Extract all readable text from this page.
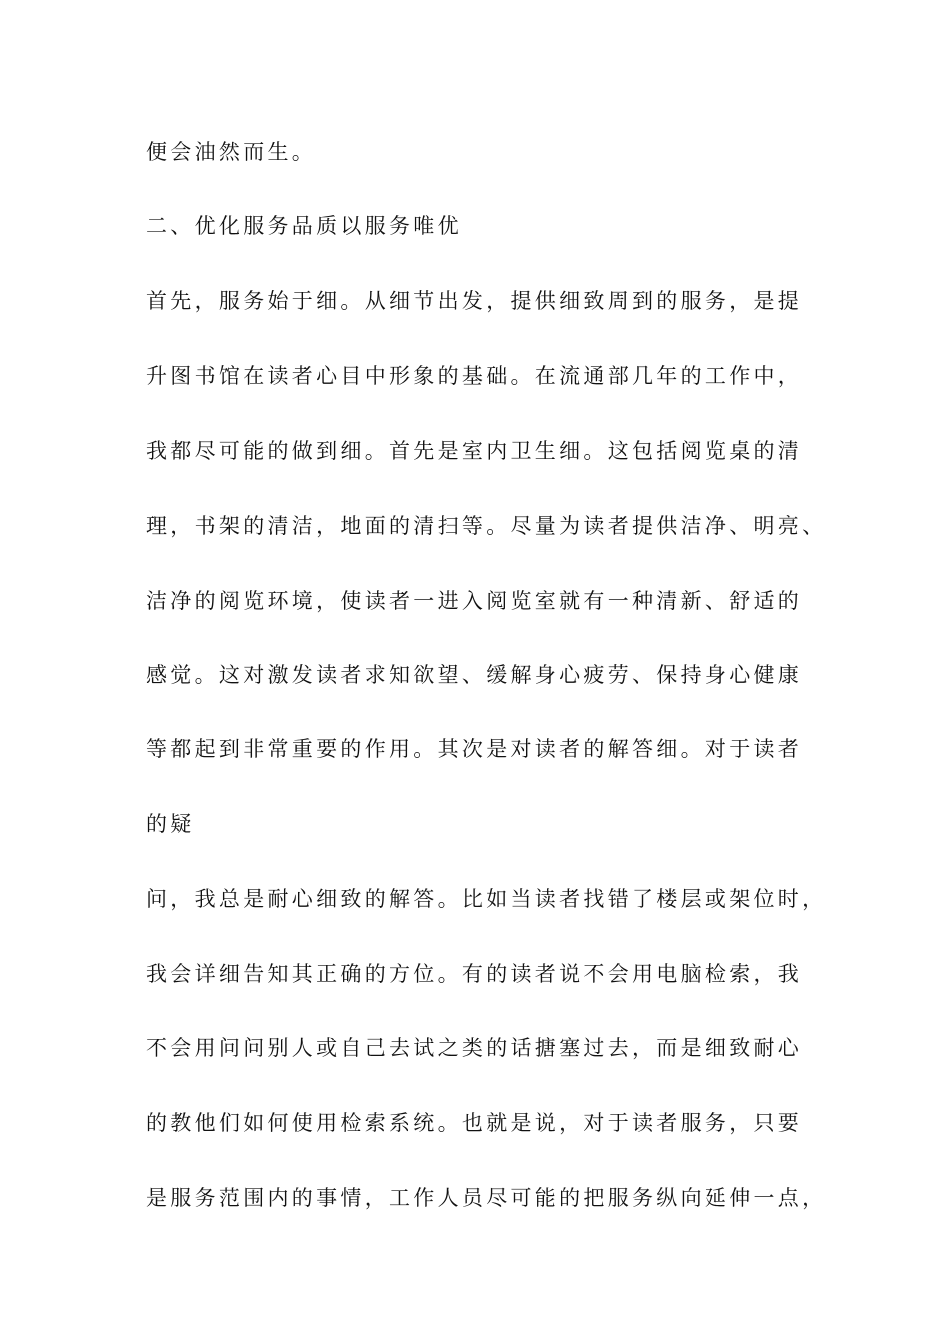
便会油然而生。
二、优化服务品质以服务唯优
首先，服务始于细。从细节出发，提供细致周到的服务，是提
升图书馆在读者心目中形象的基础。在流通部几年的工作中，
我都尽可能的做到细。首先是室内卫生细。这包括阅览桌的清
理，书架的清洁，地面的清扫等。尽量为读者提供洁净、明亮、
洁净的阅览环境，使读者一进入阅览室就有一种清新、舒适的
感觉。这对激发读者求知欲望、缓解身心疲劳、保持身心健康
等都起到非常重要的作用。其次是对读者的解答细。对于读者
的疑
问，我总是耐心细致的解答。比如当读者找错了楼层或架位时，
我会详细告知其正确的方位。有的读者说不会用电脑检索，我
不会用问问别人或自己去试之类的话搪塞过去，而是细致耐心
的教他们如何使用检索系统。也就是说，对于读者服务，只要
是服务范围内的事情，工作人员尽可能的把服务纵向延伸一点，
